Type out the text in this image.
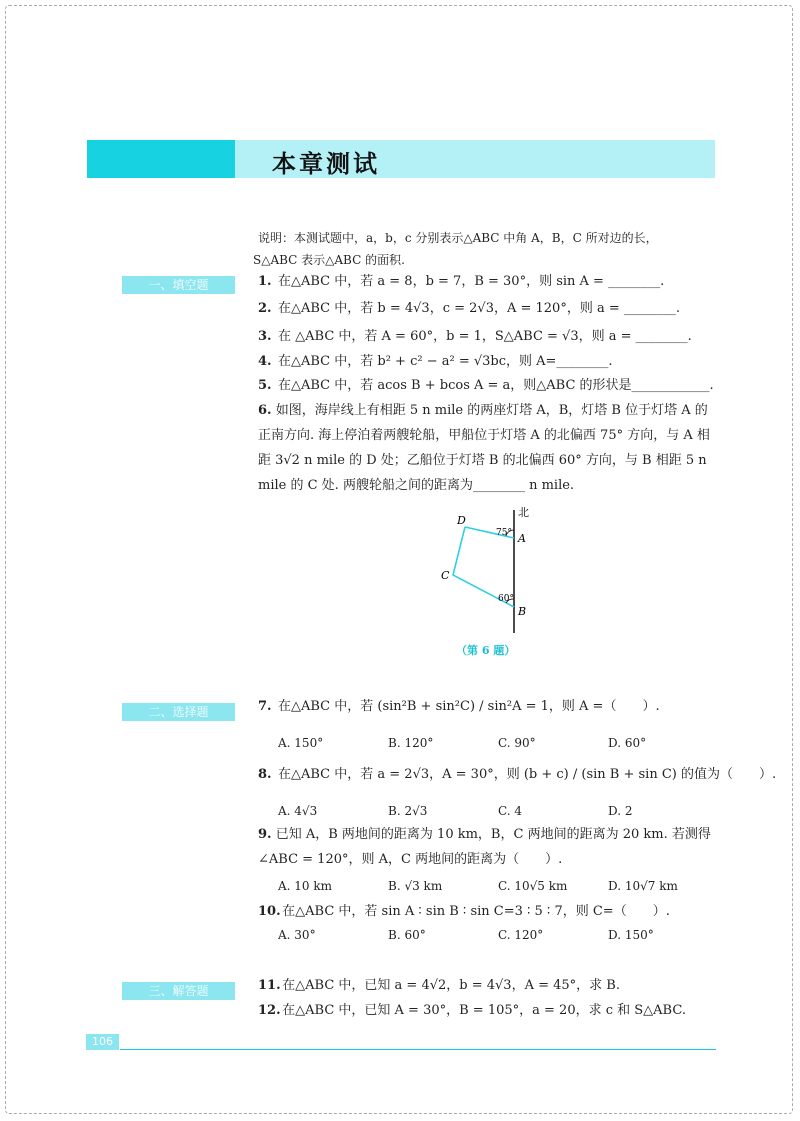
本章测试
说明：本测试题中，a，b，c 分别表示△ABC 中角 A，B，C 所对边的长，
S△ABC 表示△ABC 的面积.
一、填空题	1. 在△ABC 中，若 a = 8，b = 7，B = 30°，则 sin A = ________.
2. 在△ABC 中，若 b = 4√3，c = 2√3，A = 120°，则 a = ________.
3. 在 △ABC 中，若 A = 60°，b = 1，S△ABC = √3，则 a = ________.
4. 在△ABC 中，若 b² + c² − a² = √3bc，则 A=________.
5. 在△ABC 中，若 acos B + bcos A = a，则△ABC 的形状是____________.
6. 如图，海岸线上有相距 5 n mile 的两座灯塔 A，B，灯塔 B 位于灯塔 A 的正南方向. 海上停泊着两艘轮船，甲船位于灯塔 A 的北偏西 75° 方向，与 A 相距 3√2 n mile 的 D 处；乙船位于灯塔 B 的北偏西 60° 方向，与 B 相距 5 n mile 的 C 处. 两艘轮船之间的距离为________ n mile.
北
D
A
C
B
75°
60°
（第 6 题）
二、选择题	7. 在△ABC 中，若 (sin²B + sin²C) / sin²A = 1，则 A =（　　）.
A. 150°	B. 120°	C. 90°	D. 60°
8. 在△ABC 中，若 a = 2√3，A = 30°，则 (b + c) / (sin B + sin C) 的值为（　　）.
A. 4√3	B. 2√3	C. 4	D. 2
9. 已知 A，B 两地间的距离为 10 km，B，C 两地间的距离为 20 km. 若测得 ∠ABC = 120°，则 A，C 两地间的距离为（　　）.
A. 10 km	B. √3 km	C. 10√5 km	D. 10√7 km
10. 在△ABC 中，若 sin A ∶ sin B ∶ sin C=3 ∶ 5 ∶ 7，则 C=（　　）.
A. 30°	B. 60°	C. 120°	D. 150°
三、解答题	11. 在△ABC 中，已知 a = 4√2，b = 4√3，A = 45°，求 B.
12. 在△ABC 中，已知 A = 30°，B = 105°，a = 20，求 c 和 S△ABC.
106
